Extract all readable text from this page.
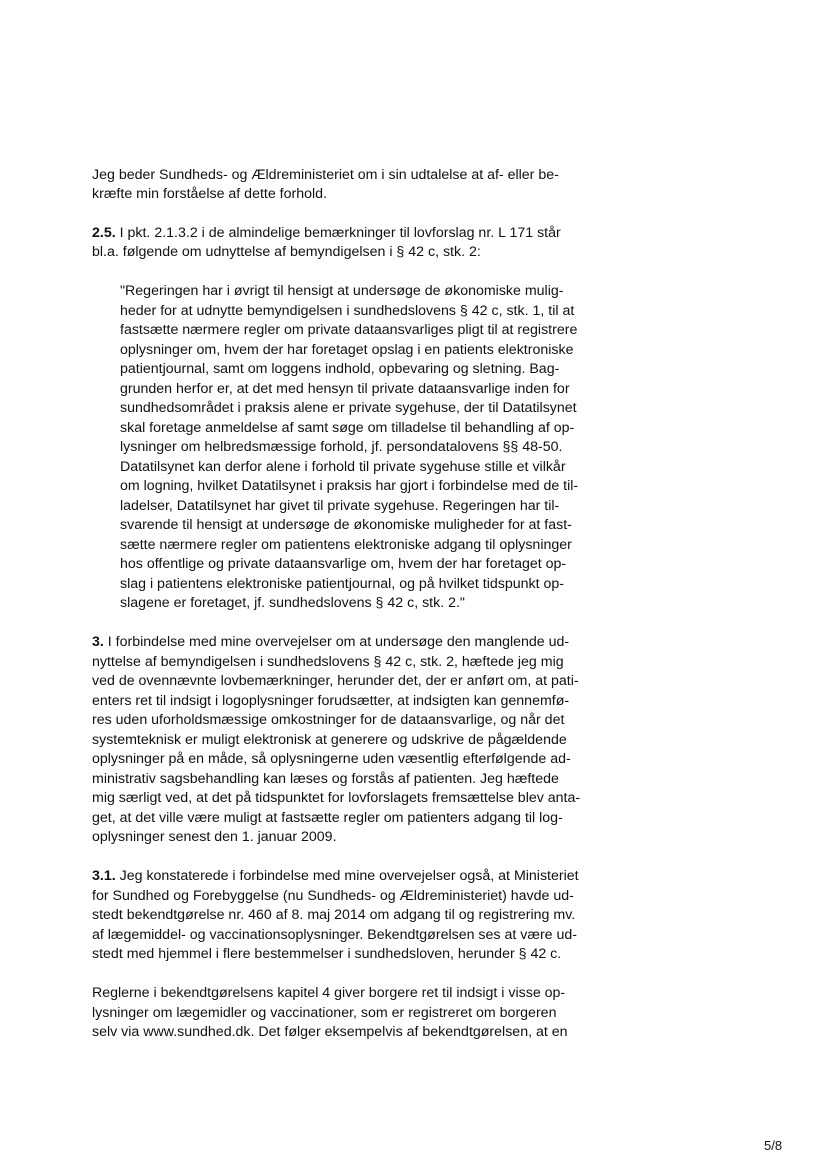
Jeg beder Sundheds- og Ældreministeriet om i sin udtalelse at af- eller be-
kræfte min forståelse af dette forhold.
2.5. I pkt. 2.1.3.2 i de almindelige bemærkninger til lovforslag nr. L 171 står
bl.a. følgende om udnyttelse af bemyndigelsen i § 42 c, stk. 2:
"Regeringen har i øvrigt til hensigt at undersøge de økonomiske mulig-
heder for at udnytte bemyndigelsen i sundhedslovens § 42 c, stk. 1, til at
fastsætte nærmere regler om private dataansvarliges pligt til at registrere
oplysninger om, hvem der har foretaget opslag i en patients elektroniske
patientjournal, samt om loggens indhold, opbevaring og sletning. Bag-
grunden herfor er, at det med hensyn til private dataansvarlige inden for
sundhedsområdet i praksis alene er private sygehuse, der til Datatilsynet
skal foretage anmeldelse af samt søge om tilladelse til behandling af op-
lysninger om helbredsmæssige forhold, jf. persondatalovens §§ 48-50.
Datatilsynet kan derfor alene i forhold til private sygehuse stille et vilkår
om logning, hvilket Datatilsynet i praksis har gjort i forbindelse med de til-
ladelser, Datatilsynet har givet til private sygehuse. Regeringen har til-
svarende til hensigt at undersøge de økonomiske muligheder for at fast-
sætte nærmere regler om patientens elektroniske adgang til oplysninger
hos offentlige og private dataansvarlige om, hvem der har foretaget op-
slag i patientens elektroniske patientjournal, og på hvilket tidspunkt op-
slagene er foretaget, jf. sundhedslovens § 42 c, stk. 2."
3. I forbindelse med mine overvejelser om at undersøge den manglende ud-
nyttelse af bemyndigelsen i sundhedslovens § 42 c, stk. 2, hæftede jeg mig
ved de ovennævnte lovbemærkninger, herunder det, der er anført om, at pati-
enters ret til indsigt i logoplysninger forudsætter, at indsigten kan gennemfø-
res uden uforholdsmæssige omkostninger for de dataansvarlige, og når det
systemteknisk er muligt elektronisk at generere og udskrive de pågældende
oplysninger på en måde, så oplysningerne uden væsentlig efterfølgende ad-
ministrativ sagsbehandling kan læses og forstås af patienten. Jeg hæftede
mig særligt ved, at det på tidspunktet for lovforslagets fremsættelse blev anta-
get, at det ville være muligt at fastsætte regler om patienters adgang til log-
oplysninger senest den 1. januar 2009.
3.1. Jeg konstaterede i forbindelse med mine overvejelser også, at Ministeriet
for Sundhed og Forebyggelse (nu Sundheds- og Ældreministeriet) havde ud-
stedt bekendtgørelse nr. 460 af 8. maj 2014 om adgang til og registrering mv.
af lægemiddel- og vaccinationsoplysninger. Bekendtgørelsen ses at være ud-
stedt med hjemmel i flere bestemmelser i sundhedsloven, herunder § 42 c.
Reglerne i bekendtgørelsens kapitel 4 giver borgere ret til indsigt i visse op-
lysninger om lægemidler og vaccinationer, som er registreret om borgeren
selv via www.sundhed.dk. Det følger eksempelvis af bekendtgørelsen, at en
5/8
